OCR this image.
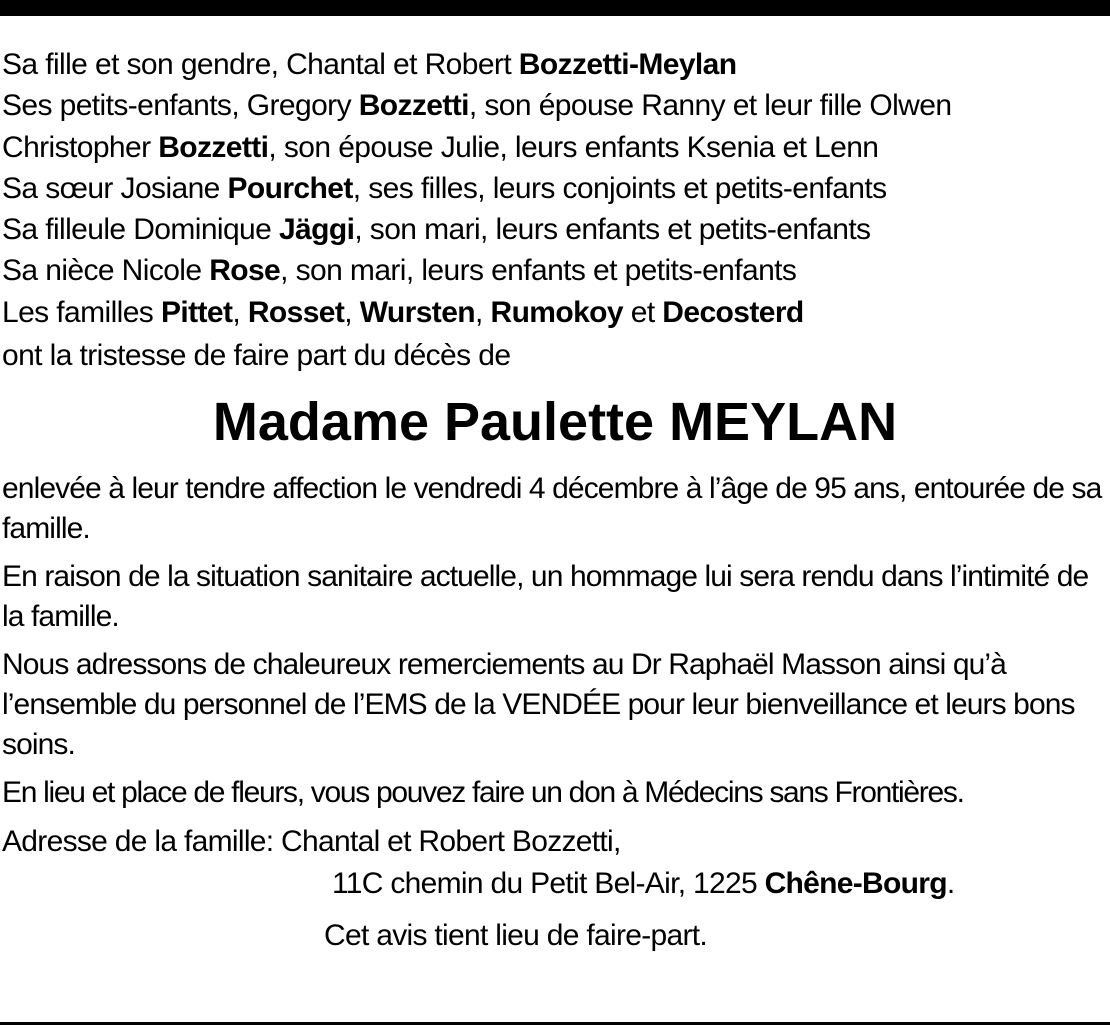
Sa fille et son gendre, Chantal et Robert Bozzetti-Meylan
Ses petits-enfants, Gregory Bozzetti, son épouse Ranny et leur fille Olwen
Christopher Bozzetti, son épouse Julie, leurs enfants Ksenia et Lenn
Sa sœur Josiane Pourchet, ses filles, leurs conjoints et petits-enfants
Sa filleule Dominique Jäggi, son mari, leurs enfants et petits-enfants
Sa nièce Nicole Rose, son mari, leurs enfants et petits-enfants
Les familles Pittet, Rosset, Wursten, Rumokoy et Decosterd
ont la tristesse de faire part du décès de
Madame Paulette MEYLAN
enlevée à leur tendre affection le vendredi 4 décembre à l’âge de 95 ans, entourée de sa famille.
En raison de la situation sanitaire actuelle, un hommage lui sera rendu dans l’intimité de la famille.
Nous adressons de chaleureux remerciements au Dr Raphaël Masson ainsi qu’à l’ensemble du personnel de l’EMS de la VENDÉE pour leur bienveillance et leurs bons soins.
En lieu et place de fleurs, vous pouvez faire un don à Médecins sans Frontières.
Adresse de la famille: Chantal et Robert Bozzetti,
11C chemin du Petit Bel-Air, 1225 Chêne-Bourg.
Cet avis tient lieu de faire-part.
